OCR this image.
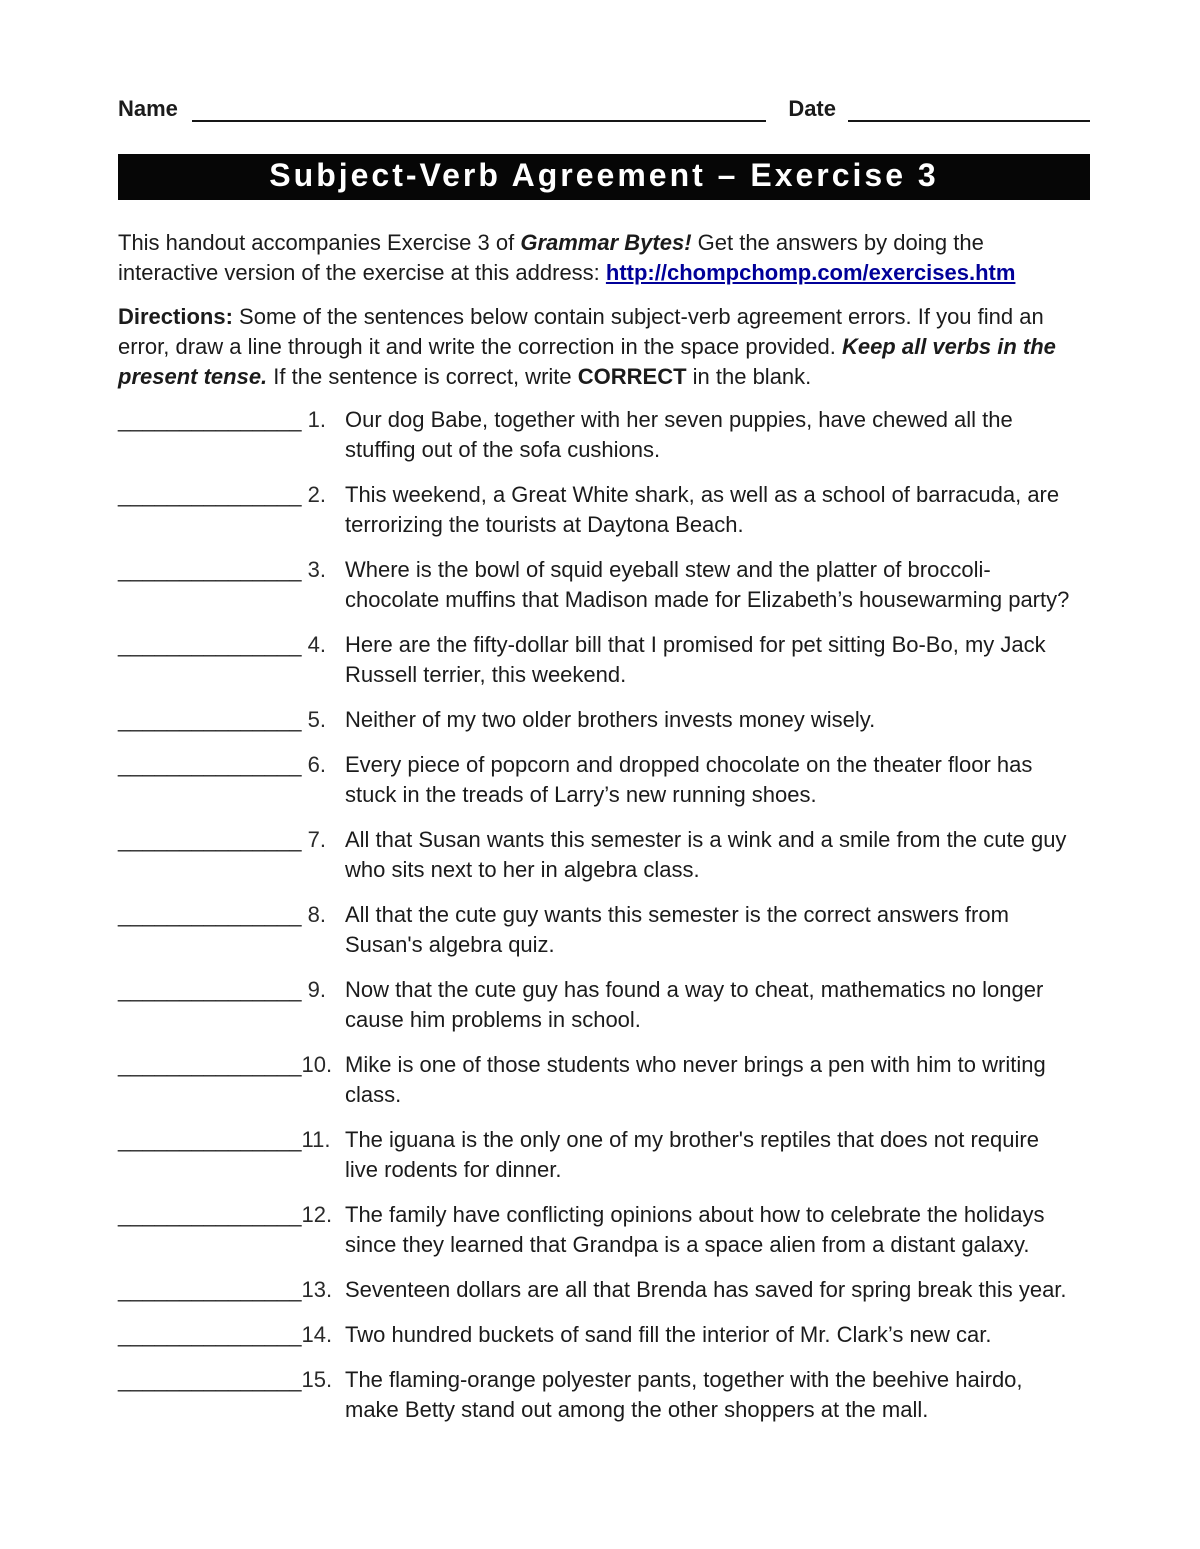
Name	Date
Subject-Verb Agreement – Exercise 3

This handout accompanies Exercise 3 of Grammar Bytes! Get the answers by doing the interactive version of the exercise at this address: http://chompchomp.com/exercises.htm

Directions: Some of the sentences below contain subject-verb agreement errors. If you find an error, draw a line through it and write the correction in the space provided. Keep all verbs in the present tense. If the sentence is correct, write CORRECT in the blank.

_______________ 1. Our dog Babe, together with her seven puppies, have chewed all the stuffing out of the sofa cushions.
_______________ 2. This weekend, a Great White shark, as well as a school of barracuda, are terrorizing the tourists at Daytona Beach.
_______________ 3. Where is the bowl of squid eyeball stew and the platter of broccoli-chocolate muffins that Madison made for Elizabeth’s housewarming party?
_______________ 4. Here are the fifty-dollar bill that I promised for pet sitting Bo-Bo, my Jack Russell terrier, this weekend.
_______________ 5. Neither of my two older brothers invests money wisely.
_______________ 6. Every piece of popcorn and dropped chocolate on the theater floor has stuck in the treads of Larry’s new running shoes.
_______________ 7. All that Susan wants this semester is a wink and a smile from the cute guy who sits next to her in algebra class.
_______________ 8. All that the cute guy wants this semester is the correct answers from Susan's algebra quiz.
_______________ 9. Now that the cute guy has found a way to cheat, mathematics no longer cause him problems in school.
_______________10. Mike is one of those students who never brings a pen with him to writing class.
_______________11. The iguana is the only one of my brother's reptiles that does not require live rodents for dinner.
_______________12. The family have conflicting opinions about how to celebrate the holidays since they learned that Grandpa is a space alien from a distant galaxy.
_______________13. Seventeen dollars are all that Brenda has saved for spring break this year.
_______________14. Two hundred buckets of sand fill the interior of Mr. Clark’s new car.
_______________15. The flaming-orange polyester pants, together with the beehive hairdo, make Betty stand out among the other shoppers at the mall.
